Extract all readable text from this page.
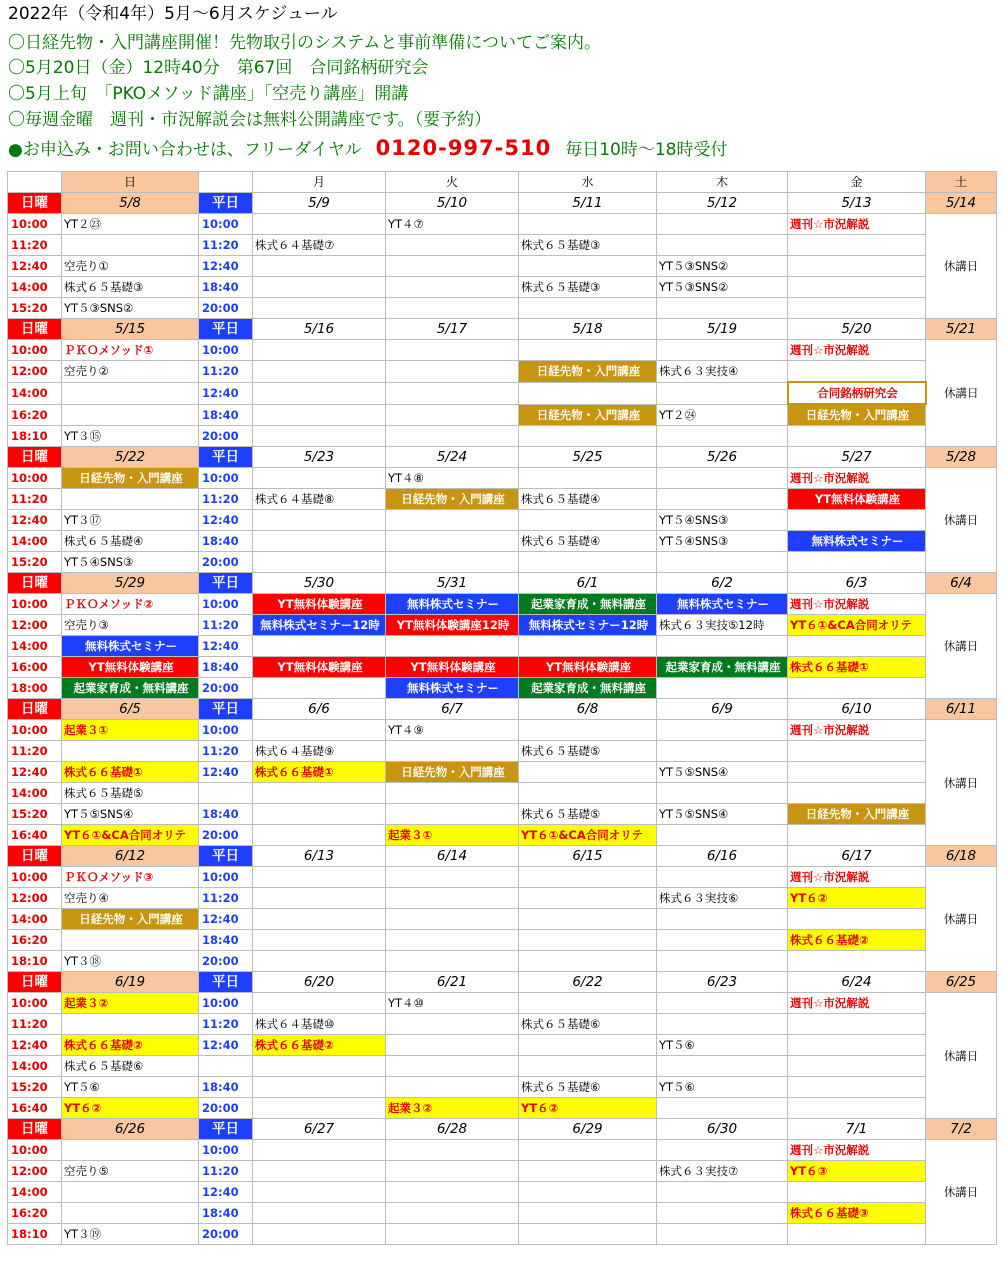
2022年（令和4年）5月～6月スケジュール
〇日経先物・入門講座開催！先物取引のシステムと事前準備についてご案内。
〇5月20日（金）12時40分　第67回　合同銘柄研究会
〇5月上旬　「PKOメソッド講座」「空売り講座」開講
〇毎週金曜　週刊・市況解説会は無料公開講座です。（要予約）
●お申込み・お問い合わせは、フリーダイヤル 0120-997-510 毎日10時～18時受付
	日		月	火	水	木	金	土
日曜	5/8	平日	5/9	5/10	5/11	5/12	5/13	5/14
10:00	YT２㉓	10:00		YT４⑦			週刊☆市況解説	休講日
11:20		11:20	株式６４基礎⑦		株式６５基礎③			
12:40	空売り①	12:40				YT５③SNS②		
14:00	株式６５基礎③	18:40			株式６５基礎③	YT５③SNS②		
15:20	YT５③SNS②	20:00						
日曜	5/15	平日	5/16	5/17	5/18	5/19	5/20	5/21
10:00	ＰＫＯメソッド①	10:00					週刊☆市況解説	休講日
12:00	空売り②	11:20			日経先物・入門講座	株式６３実技④		
14:00		12:40					合同銘柄研究会	
16:20		18:40			日経先物・入門講座	YT２㉔	日経先物・入門講座	
18:10	YT３⑮	20:00						
日曜	5/22	平日	5/23	5/24	5/25	5/26	5/27	5/28
10:00	日経先物・入門講座	10:00		YT４⑧			週刊☆市況解説	休講日
11:20		11:20	株式６４基礎⑧	日経先物・入門講座	株式６５基礎④		YT無料体験講座	
12:40	YT３⑰	12:40				YT５④SNS③		
14:00	株式６５基礎④	18:40			株式６５基礎④	YT５④SNS③	無料株式セミナー	
15:20	YT５④SNS③	20:00						
日曜	5/29	平日	5/30	5/31	6/1	6/2	6/3	6/4
10:00	ＰＫＯメソッド②	10:00	YT無料体験講座	無料株式セミナー	起業家育成・無料講座	無料株式セミナー	週刊☆市況解説	休講日
12:00	空売り③	11:20	無料株式セミナー12時	YT無料体験講座12時	無料株式セミナー12時	株式６３実技⑤12時	YT６①&CA合同オリテ	
14:00	無料株式セミナー	12:40						
16:00	YT無料体験講座	18:40	YT無料体験講座	YT無料体験講座	YT無料体験講座	起業家育成・無料講座	株式６６基礎①	
18:00	起業家育成・無料講座	20:00		無料株式セミナー	起業家育成・無料講座			
日曜	6/5	平日	6/6	6/7	6/8	6/9	6/10	6/11
10:00	起業３①	10:00		YT４⑨			週刊☆市況解説	休講日
11:20		11:20	株式６４基礎⑨		株式６５基礎⑤			
12:40	株式６６基礎①	12:40	株式６６基礎①	日経先物・入門講座		YT５⑤SNS④		
14:00	株式６５基礎⑤							
15:20	YT５⑤SNS④	18:40			株式６５基礎⑤	YT５⑤SNS④	日経先物・入門講座	
16:40	YT６①&CA合同オリテ	20:00		起業３①	YT６①&CA合同オリテ			
日曜	6/12	平日	6/13	6/14	6/15	6/16	6/17	6/18
10:00	ＰＫＯメソッド③	10:00					週刊☆市況解説	休講日
12:00	空売り④	11:20				株式６３実技⑥	YT６②	
14:00	日経先物・入門講座	12:40						
16:20		18:40					株式６６基礎②	
18:10	YT３⑱	20:00						
日曜	6/19	平日	6/20	6/21	6/22	6/23	6/24	6/25
10:00	起業３②	10:00		YT４⑩			週刊☆市況解説	休講日
11:20		11:20	株式６４基礎⑩		株式６５基礎⑥			
12:40	株式６６基礎②	12:40	株式６６基礎②			YT５⑥		
14:00	株式６５基礎⑥							
15:20	YT５⑥	18:40			株式６５基礎⑥	YT５⑥		
16:40	YT６②	20:00		起業３②	YT６②			
日曜	6/26	平日	6/27	6/28	6/29	6/30	7/1	7/2
10:00		10:00					週刊☆市況解説	休講日
12:00	空売り⑤	11:20				株式６３実技⑦	YT６③	
14:00		12:40						
16:20		18:40					株式６６基礎③	
18:10	YT３⑲	20:00						
